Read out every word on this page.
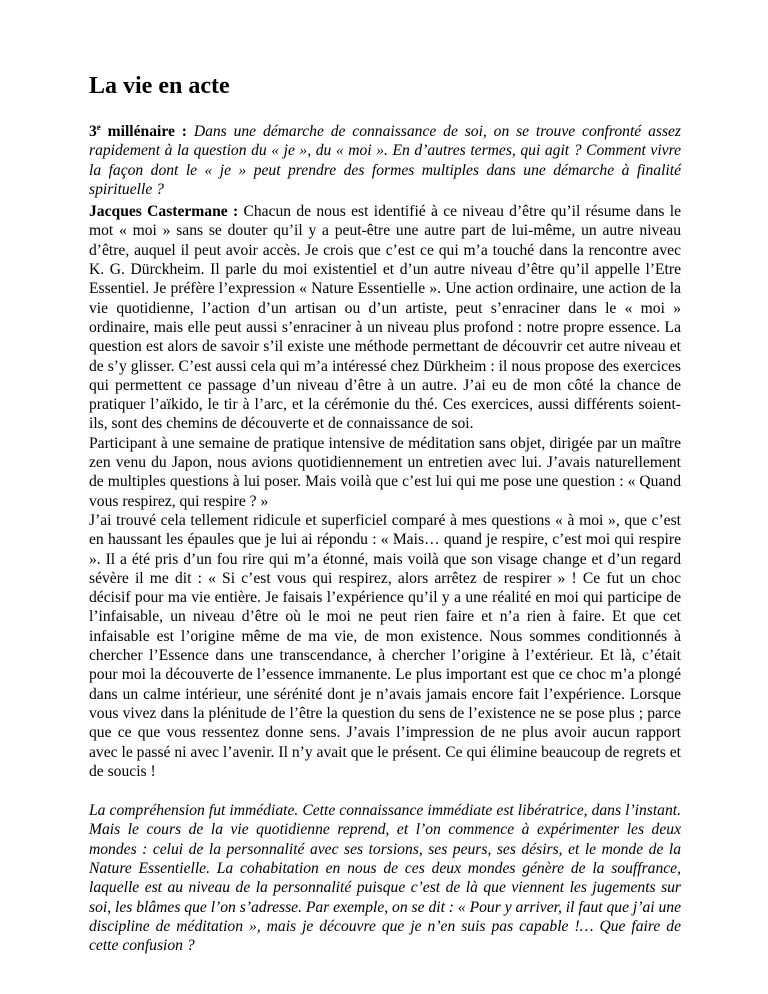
La vie en acte

3e millénaire : Dans une démarche de connaissance de soi, on se trouve confronté assez rapidement à la question du « je », du « moi ». En d’autres termes, qui agit ? Comment vivre la façon dont le « je » peut prendre des formes multiples dans une démarche à finalité spirituelle ?

Jacques Castermane : Chacun de nous est identifié à ce niveau d’être qu’il résume dans le mot « moi » sans se douter qu’il y a peut-être une autre part de lui-même, un autre niveau d’être, auquel il peut avoir accès. Je crois que c’est ce qui m’a touché dans la rencontre avec K. G. Dürckheim. Il parle du moi existentiel et d’un autre niveau d’être qu’il appelle l’Etre Essentiel. Je préfère l’expression « Nature Essentielle ». Une action ordinaire, une action de la vie quotidienne, l’action d’un artisan ou d’un artiste, peut s’enraciner dans le « moi » ordinaire, mais elle peut aussi s’enraciner à un niveau plus profond : notre propre essence. La question est alors de savoir s’il existe une méthode permettant de découvrir cet autre niveau et de s’y glisser. C’est aussi cela qui m’a intéressé chez Dürkheim : il nous propose des exercices qui permettent ce passage d’un niveau d’être à un autre. J’ai eu de mon côté la chance de pratiquer l’aïkido, le tir à l’arc, et la cérémonie du thé. Ces exercices, aussi différents soient-ils, sont des chemins de découverte et de connaissance de soi.

Participant à une semaine de pratique intensive de méditation sans objet, dirigée par un maître zen venu du Japon, nous avions quotidiennement un entretien avec lui. J’avais naturellement de multiples questions à lui poser. Mais voilà que c’est lui qui me pose une question : « Quand vous respirez, qui respire ? »

J’ai trouvé cela tellement ridicule et superficiel comparé à mes questions « à moi », que c’est en haussant les épaules que je lui ai répondu : « Mais… quand je respire, c’est moi qui respire ». Il a été pris d’un fou rire qui m’a étonné, mais voilà que son visage change et d’un regard sévère il me dit : « Si c’est vous qui respirez, alors arrêtez de respirer » ! Ce fut un choc décisif pour ma vie entière. Je faisais l’expérience qu’il y a une réalité en moi qui participe de l’infaisable, un niveau d’être où le moi ne peut rien faire et n’a rien à faire. Et que cet infaisable est l’origine même de ma vie, de mon existence. Nous sommes conditionnés à chercher l’Essence dans une transcendance, à chercher l’origine à l’extérieur. Et là, c’était pour moi la découverte de l’essence immanente. Le plus important est que ce choc m’a plongé dans un calme intérieur, une sérénité dont je n’avais jamais encore fait l’expérience. Lorsque vous vivez dans la plénitude de l’être la question du sens de l’existence ne se pose plus ; parce que ce que vous ressentez donne sens. J’avais l’impression de ne plus avoir aucun rapport avec le passé ni avec l’avenir. Il n’y avait que le présent. Ce qui élimine beaucoup de regrets et de soucis !

La compréhension fut immédiate. Cette connaissance immédiate est libératrice, dans l’instant. Mais le cours de la vie quotidienne reprend, et l’on commence à expérimenter les deux mondes : celui de la personnalité avec ses torsions, ses peurs, ses désirs, et le monde de la Nature Essentielle. La cohabitation en nous de ces deux mondes génère de la souffrance, laquelle est au niveau de la personnalité puisque c’est de là que viennent les jugements sur soi, les blâmes que l’on s’adresse. Par exemple, on se dit : « Pour y arriver, il faut que j’ai une discipline de méditation », mais je découvre que je n’en suis pas capable !… Que faire de cette confusion ?
